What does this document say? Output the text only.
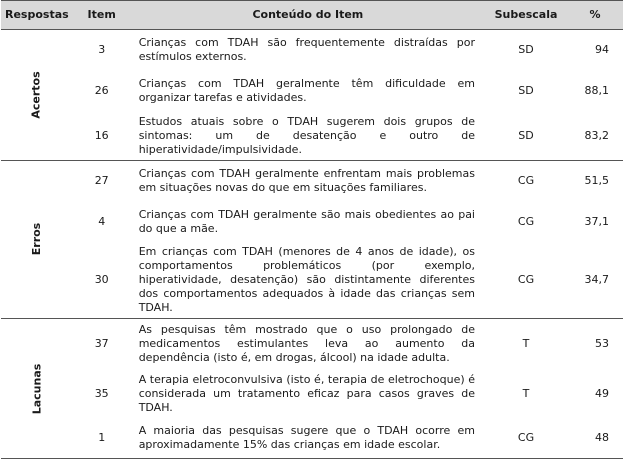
Respostas	Item	Conteúdo do Item	Subescala	%
Acertos	3	Crianças com TDAH são frequentemente distraídas por estímulos externos.	SD	94
	26	Crianças com TDAH geralmente têm dificuldade em organizar tarefas e atividades.	SD	88,1
	16	Estudos atuais sobre o TDAH sugerem dois grupos de sintomas: um de desatenção e outro de hiperatividade/impulsividade.	SD	83,2
Erros	27	Crianças com TDAH geralmente enfrentam mais problemas em situações novas do que em situações familiares.	CG	51,5
	4	Crianças com TDAH geralmente são mais obedientes ao pai do que a mãe.	CG	37,1
	30	Em crianças com TDAH (menores de 4 anos de idade), os comportamentos problemáticos (por exemplo, hiperatividade, desatenção) são distintamente diferentes dos comportamentos adequados à idade das crianças sem TDAH.	CG	34,7
Lacunas	37	As pesquisas têm mostrado que o uso prolongado de medicamentos estimulantes leva ao aumento da dependência (isto é, em drogas, álcool) na idade adulta.	T	53
	35	A terapia eletroconvulsiva (isto é, terapia de eletrochoque) é considerada um tratamento eficaz para casos graves de TDAH.	T	49
	1	A maioria das pesquisas sugere que o TDAH ocorre em aproximadamente 15% das crianças em idade escolar.	CG	48
